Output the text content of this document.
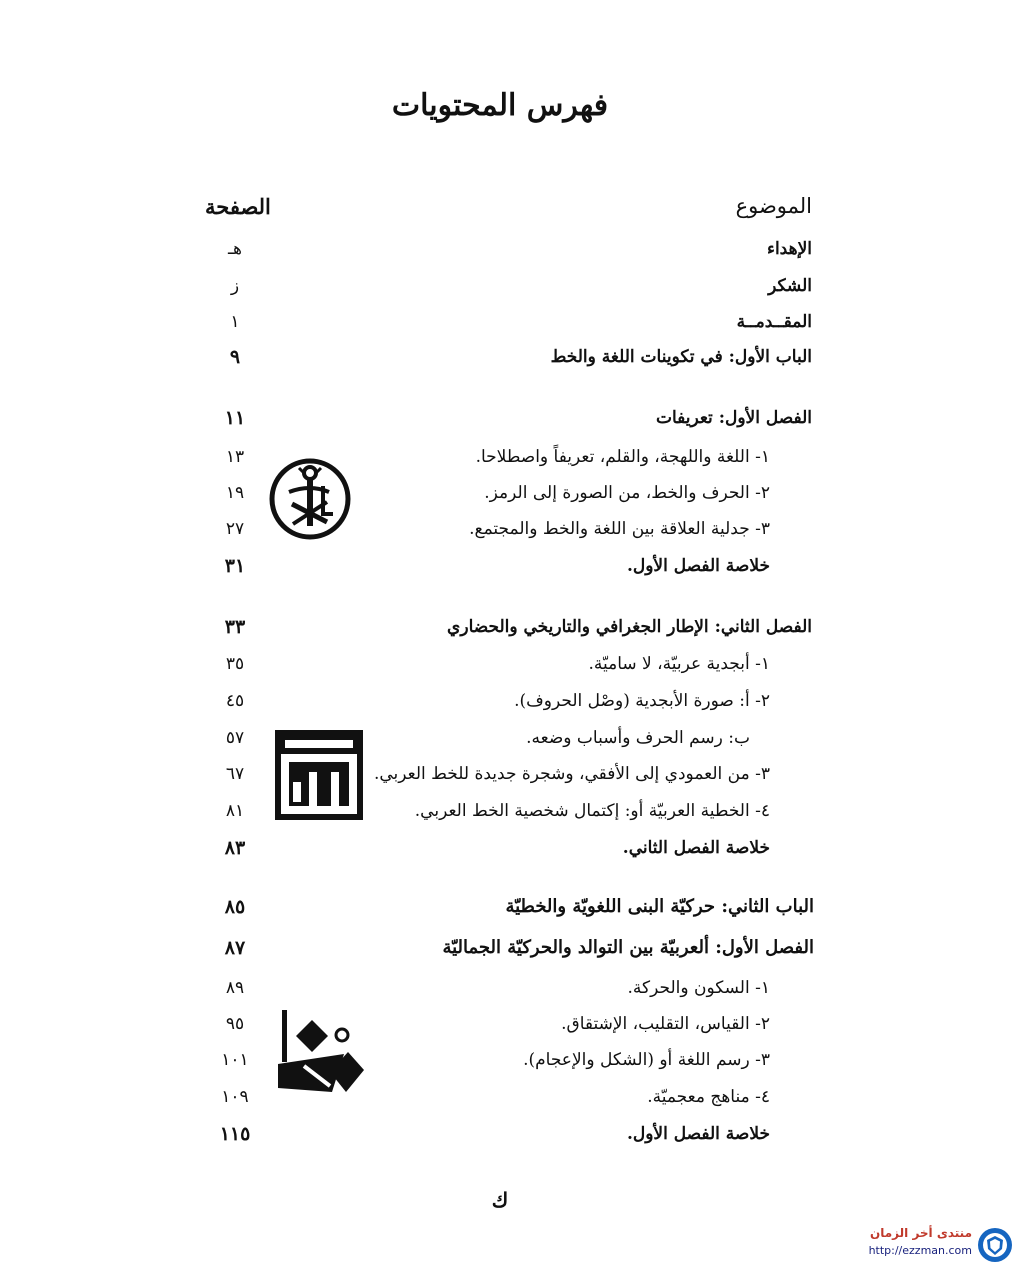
فهرس المحتويات
الموضوع
الصفحة
الإهداء
هـ
الشكر
ز
المقــدمــة
١
الباب الأول: في تكوينات اللغة والخط
٩
الفصل الأول: تعريفات
١١
١- اللغة واللهجة، والقلم، تعريفاً واصطلاحا.
١٣
٢- الحرف والخط، من الصورة إلى الرمز.
١٩
٣- جدلية العلاقة بين اللغة والخط والمجتمع.
٢٧
خلاصة الفصل الأول.
٣١
الفصل الثاني: الإطار الجغرافي والتاريخي والحضاري
٣٣
١- أبجدية عربيّة، لا ساميّة.
٣٥
٢- أ: صورة الأبجدية (وصْل الحروف).
٤٥
ب: رسم الحرف وأسباب وضعه.
٥٧
٣- من العمودي إلى الأفقي، وشجرة جديدة للخط العربي.
٦٧
٤- الخطية العربيّة أو: إكتمال شخصية الخط العربي.
٨١
خلاصة الفصل الثاني.
٨٣
الباب الثاني: حركيّة البنى اللغويّة والخطيّة
٨٥
الفصل الأول: ألعربيّة بين التوالد والحركيّة الجماليّة
٨٧
١- السكون والحركة.
٨٩
٢- القياس، التقليب، الإشتقاق.
٩٥
٣- رسم اللغة أو (الشكل والإعجام).
١٠١
٤- مناهج معجميّة.
١٠٩
خلاصة الفصل الأول.
١١٥
ك
منتدى أخر الزمان
http://ezzman.com
